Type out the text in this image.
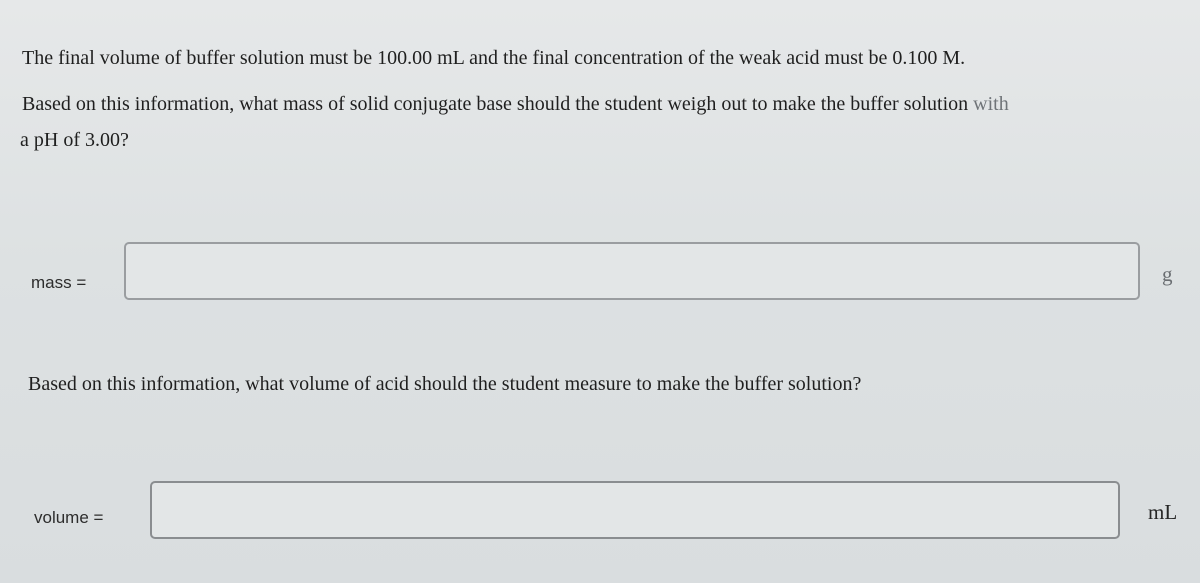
The final volume of buffer solution must be 100.00 mL and the final concentration of the weak acid must be 0.100 M.
Based on this information, what mass of solid conjugate base should the student weigh out to make the buffer solution with
a pH of 3.00?
mass =	g
Based on this information, what volume of acid should the student measure to make the buffer solution?
volume =	mL
